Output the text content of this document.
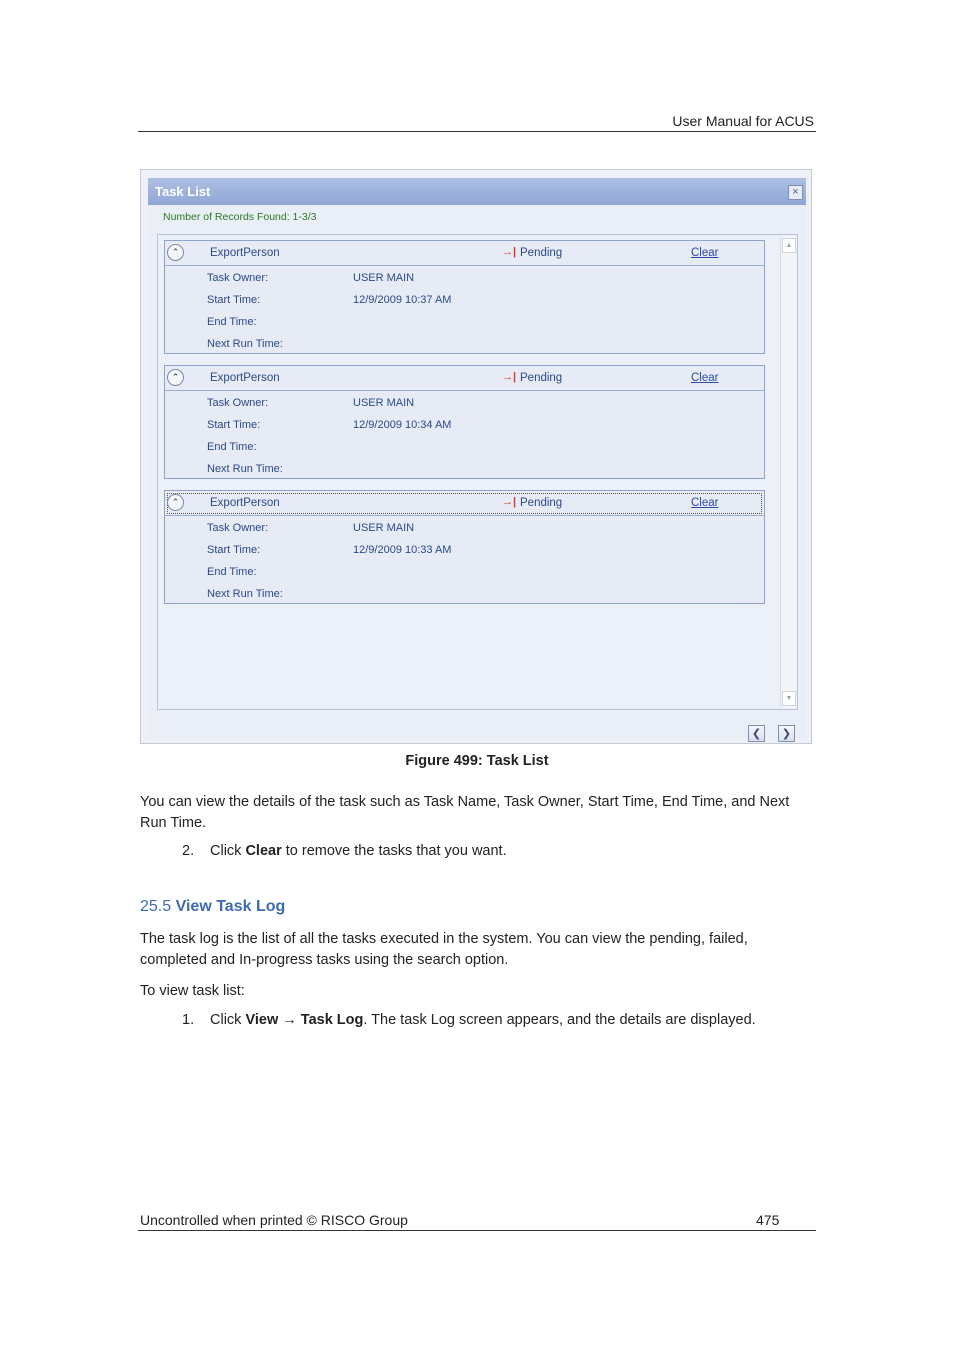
User Manual for ACUS
Task List	×
Number of Records Found: 1-3/3
⌃	ExportPerson	→| Pending	Clear
Task Owner:	USER MAIN
Start Time:	12/9/2009 10:37 AM
End Time:
Next Run Time:
⌃	ExportPerson	→| Pending	Clear
Task Owner:	USER MAIN
Start Time:	12/9/2009 10:34 AM
End Time:
Next Run Time:
⌃	ExportPerson	→| Pending	Clear
Task Owner:	USER MAIN
Start Time:	12/9/2009 10:33 AM
End Time:
Next Run Time:
▲
▼
❮	❯
Figure 499: Task List
You can view the details of the task such as Task Name, Task Owner, Start Time, End Time, and Next Run Time.
2. Click Clear to remove the tasks that you want.
25.5 View Task Log
The task log is the list of all the tasks executed in the system. You can view the pending, failed, completed and In-progress tasks using the search option.
To view task list:
1. Click View → Task Log. The task Log screen appears, and the details are displayed.
Uncontrolled when printed © RISCO Group	475
